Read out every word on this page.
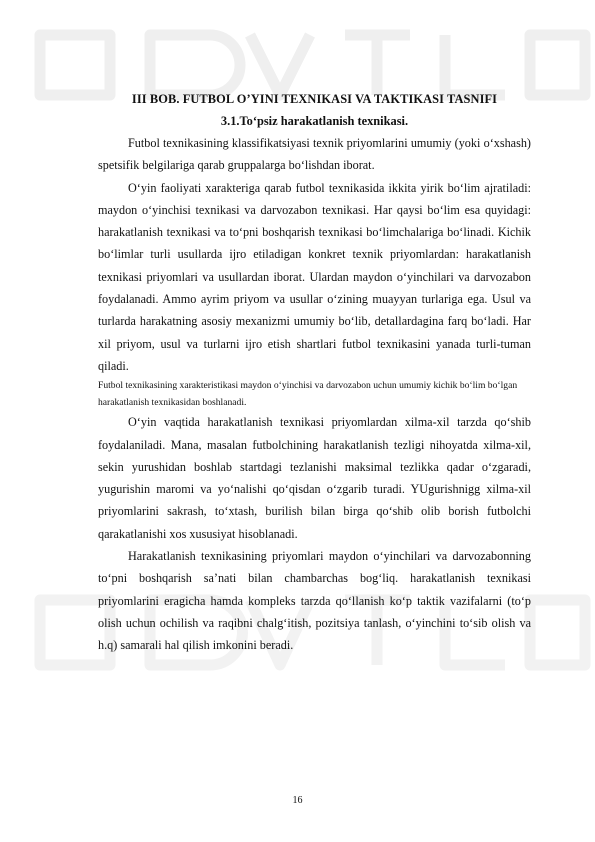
III BOB. FUTBOL O’YINI TEXNIKASI VA TAKTIKASI TASNIFI
3.1.To‘psiz harakatlanish texnikasi.

Futbol texnikasining klassifikatsiyasi texnik priyomlarini umumiy (yoki o‘xshash) spetsifik belgilariga qarab gruppalarga bo‘lishdan iborat.

O‘yin faoliyati xarakteriga qarab futbol texnikasida ikkita yirik bo‘lim ajratiladi: maydon o‘yinchisi texnikasi va darvozabon texnikasi. Har qaysi bo‘lim esa quyidagi: harakatlanish texnikasi va to‘pni boshqarish texnikasi bo‘limchalariga bo‘linadi. Kichik bo‘limlar turli usullarda ijro etiladigan konkret texnik priyomlardan: harakatlanish texnikasi priyomlari va usullardan iborat. Ulardan maydon o‘yinchilari va darvozabon foydalanadi. Ammo ayrim priyom va usullar o‘zining muayyan turlariga ega. Usul va turlarda harakatning asosiy mexanizmi umumiy bo‘lib, detallardagina farq bo‘ladi. Har xil priyom, usul va turlarni ijro etish shartlari futbol texnikasini yanada turli-tuman qiladi.

Futbol texnikasining xarakteristikasi maydon o‘yinchisi va darvozabon uchun umumiy kichik bo‘lim bo‘lgan harakatlanish texnikasidan boshlanadi.

O‘yin vaqtida harakatlanish texnikasi priyomlardan xilma-xil tarzda qo‘shib foydalaniladi. Mana, masalan futbolchining harakatlanish tezligi nihoyatda xilma-xil, sekin yurushidan boshlab startdagi tezlanishi maksimal tezlikka qadar o‘zgaradi, yugurishin maromi va yo‘nalishi qo‘qisdan o‘zgarib turadi. YUgurishnigg xilma-xil priyomlarini sakrash, to‘xtash, burilish bilan birga qo‘shib olib borish futbolchi qarakatlanishi xos xususiyat hisoblanadi.

Harakatlanish texnikasining priyomlari maydon o‘yinchilari va darvozabonning to‘pni boshqarish sa’nati bilan chambarchas bog‘liq. harakatlanish texnikasi priyomlarini eragicha hamda kompleks tarzda qo‘llanish ko‘p taktik vazifalarni (to‘p olish uchun ochilish va raqibni chalg‘itish, pozitsiya tanlash, o‘yinchini to‘sib olish va h.q) samarali hal qilish imkonini beradi.

16
